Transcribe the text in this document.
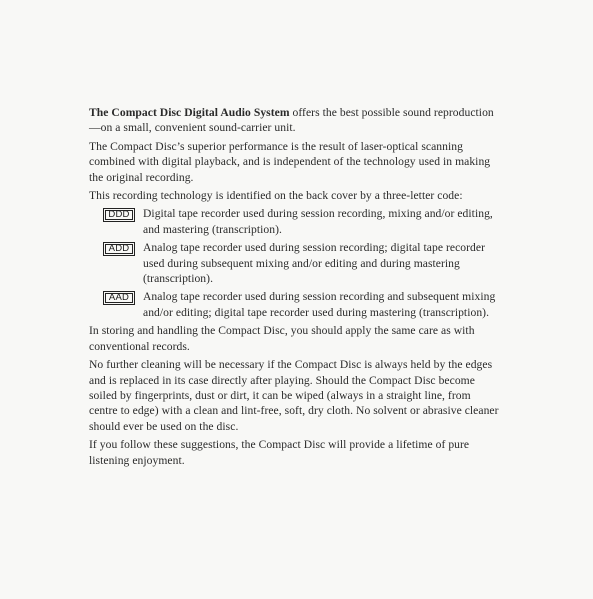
The Compact Disc Digital Audio System offers the best possible sound reproduction—on a small, convenient sound-carrier unit.

The Compact Disc’s superior performance is the result of laser-optical scanning combined with digital playback, and is independent of the technology used in making the original recording.

This recording technology is identified on the back cover by a three-letter code:

DDD	Digital tape recorder used during session recording, mixing and/or editing, and mastering (transcription).
ADD	Analog tape recorder used during session recording; digital tape recorder used during subsequent mixing and/or editing and during mastering (transcription).
AAD	Analog tape recorder used during session recording and subsequent mixing and/or editing; digital tape recorder used during mastering (transcription).

In storing and handling the Compact Disc, you should apply the same care as with conventional records.

No further cleaning will be necessary if the Compact Disc is always held by the edges and is replaced in its case directly after playing. Should the Compact Disc become soiled by fingerprints, dust or dirt, it can be wiped (always in a straight line, from centre to edge) with a clean and lint-free, soft, dry cloth. No solvent or abrasive cleaner should ever be used on the disc.

If you follow these suggestions, the Compact Disc will provide a lifetime of pure listening enjoyment.
